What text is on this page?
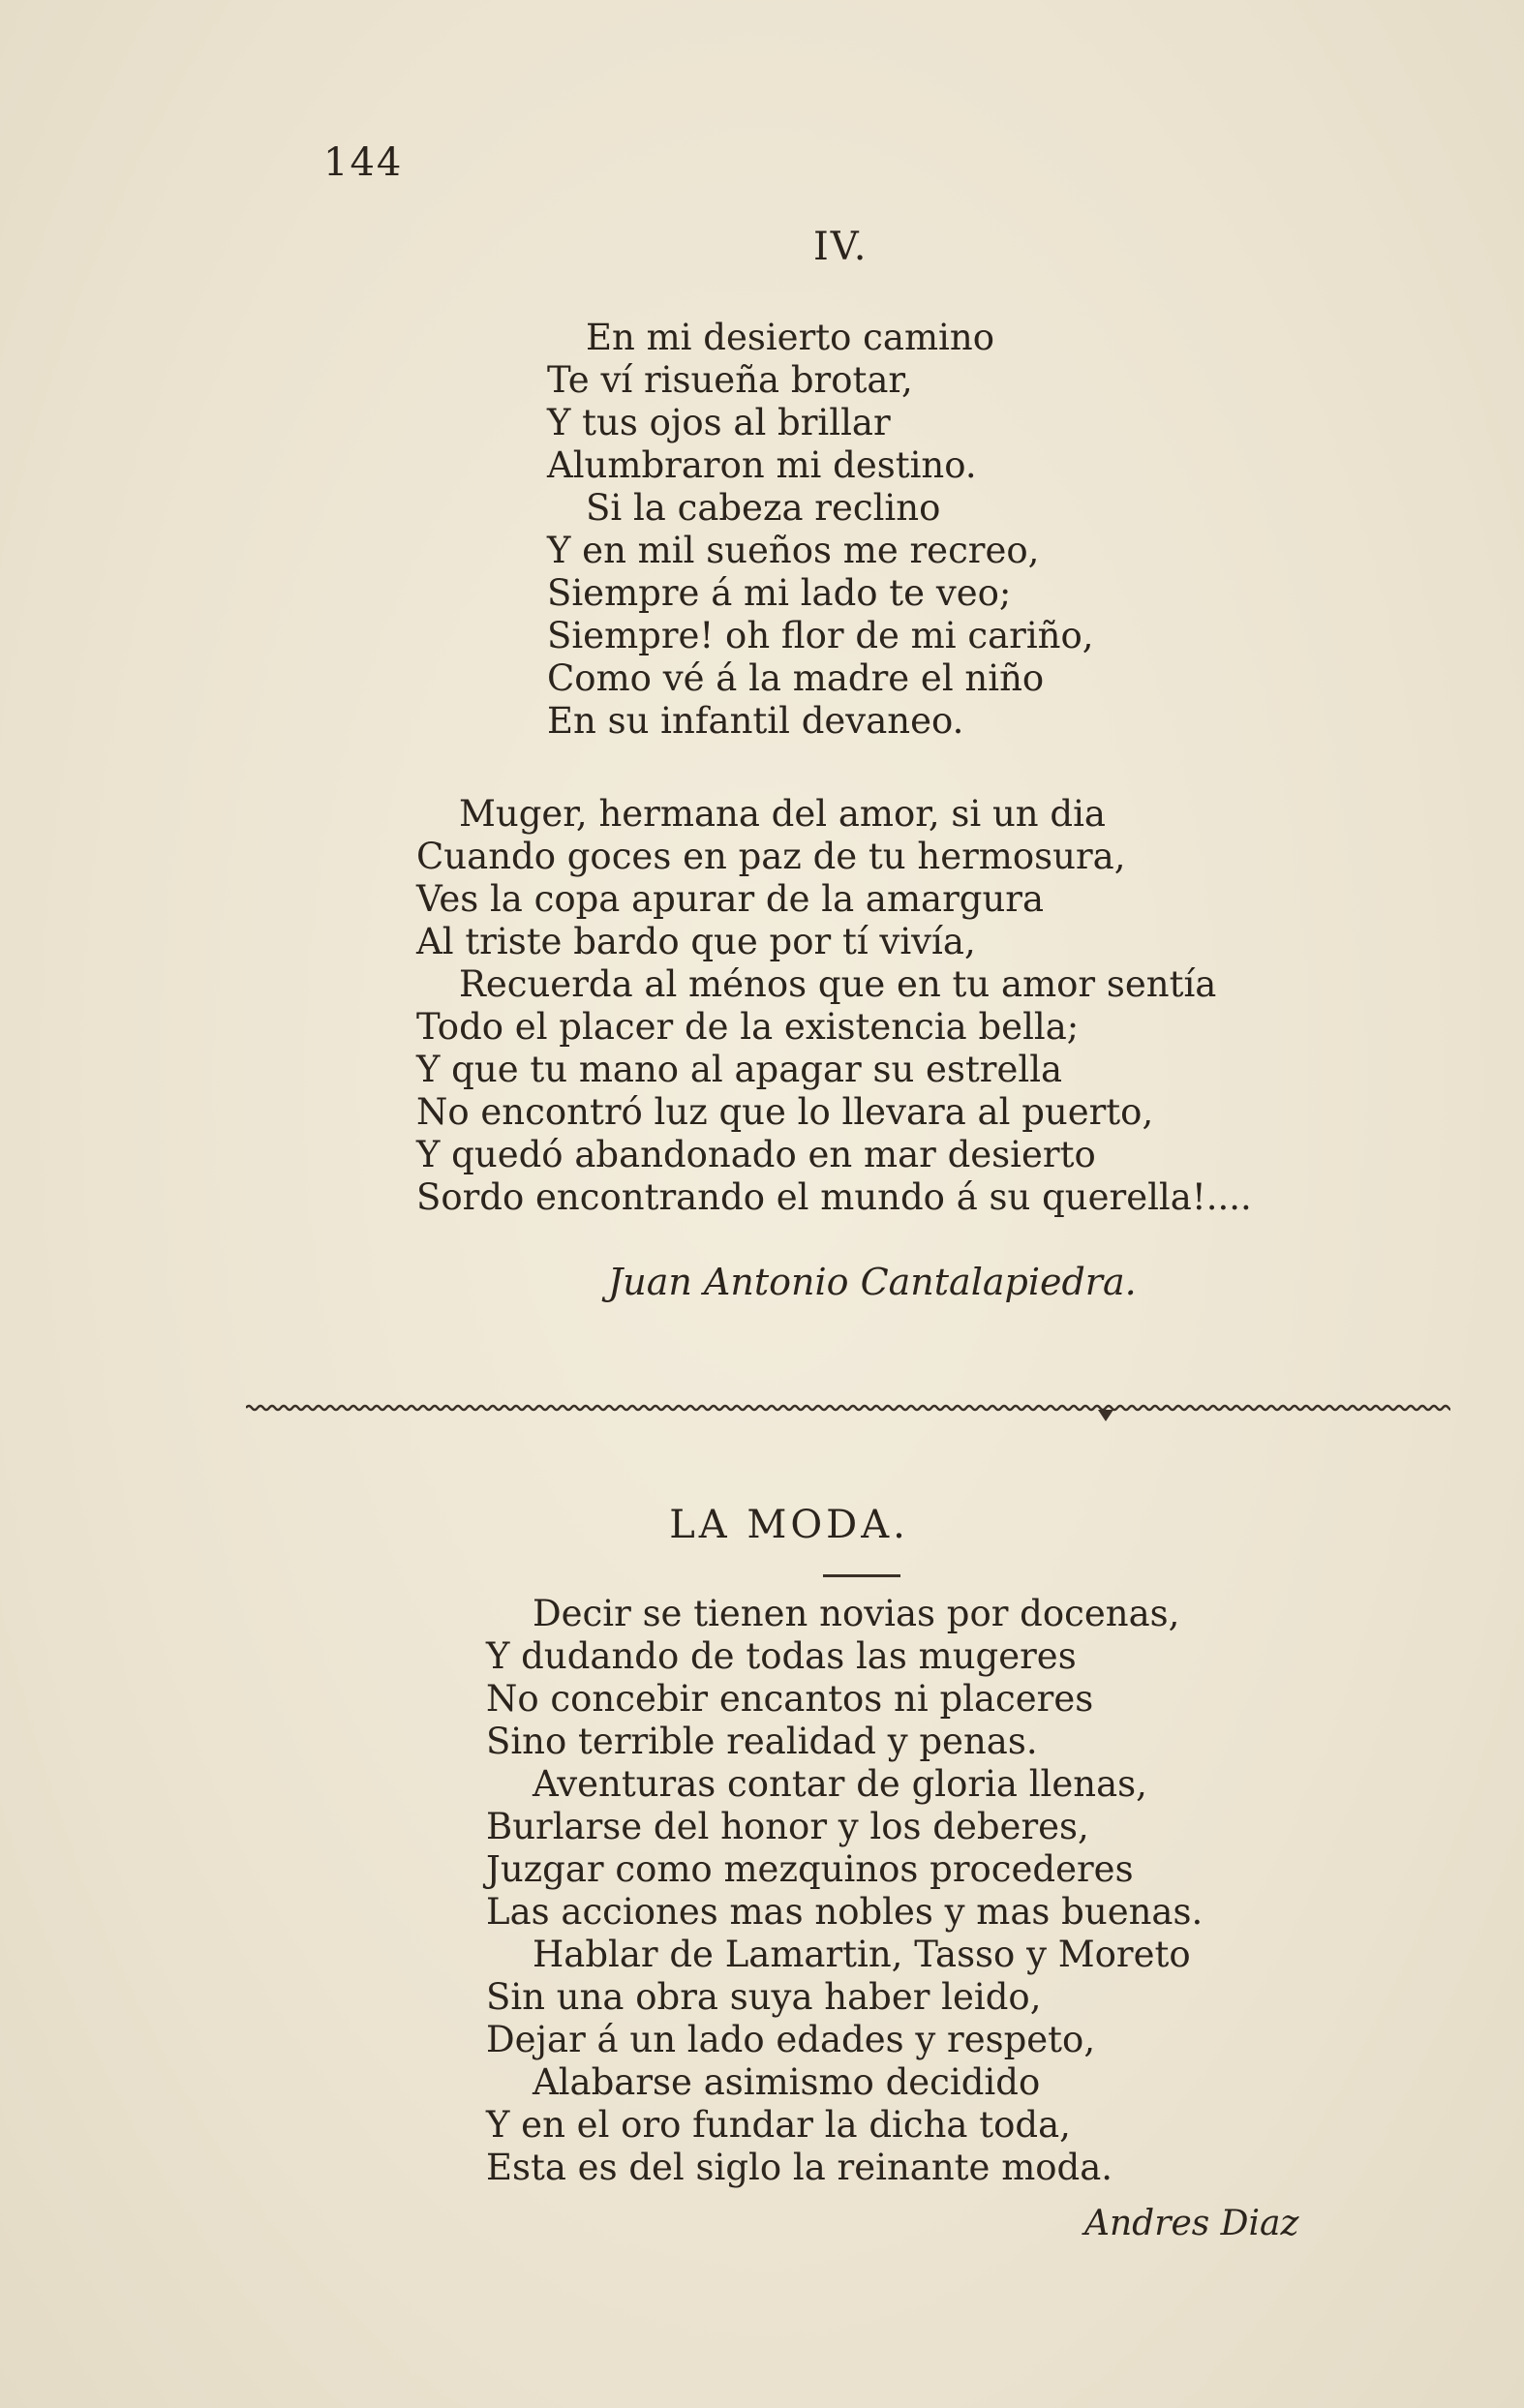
144
IV.
En mi desierto camino
Te ví risueña brotar,
Y tus ojos al brillar
Alumbraron mi destino.
Si la cabeza reclino
Y en mil sueños me recreo,
Siempre á mi lado te veo;
Siempre! oh flor de mi cariño,
Como vé á la madre el niño
En su infantil devaneo.
Muger, hermana del amor, si un dia
Cuando goces en paz de tu hermosura,
Ves la copa apurar de la amargura
Al triste bardo que por tí vivía,
Recuerda al ménos que en tu amor sentía
Todo el placer de la existencia bella;
Y que tu mano al apagar su estrella
No encontró luz que lo llevara al puerto,
Y quedó abandonado en mar desierto
Sordo encontrando el mundo á su querella!....
Juan Antonio Cantalapiedra.
LA MODA.
Decir se tienen novias por docenas,
Y dudando de todas las mugeres
No concebir encantos ni placeres
Sino terrible realidad y penas.
Aventuras contar de gloria llenas,
Burlarse del honor y los deberes,
Juzgar como mezquinos procederes
Las acciones mas nobles y mas buenas.
Hablar de Lamartin, Tasso y Moreto
Sin una obra suya haber leido,
Dejar á un lado edades y respeto,
Alabarse asimismo decidido
Y en el oro fundar la dicha toda,
Esta es del siglo la reinante moda.
Andres Diaz
